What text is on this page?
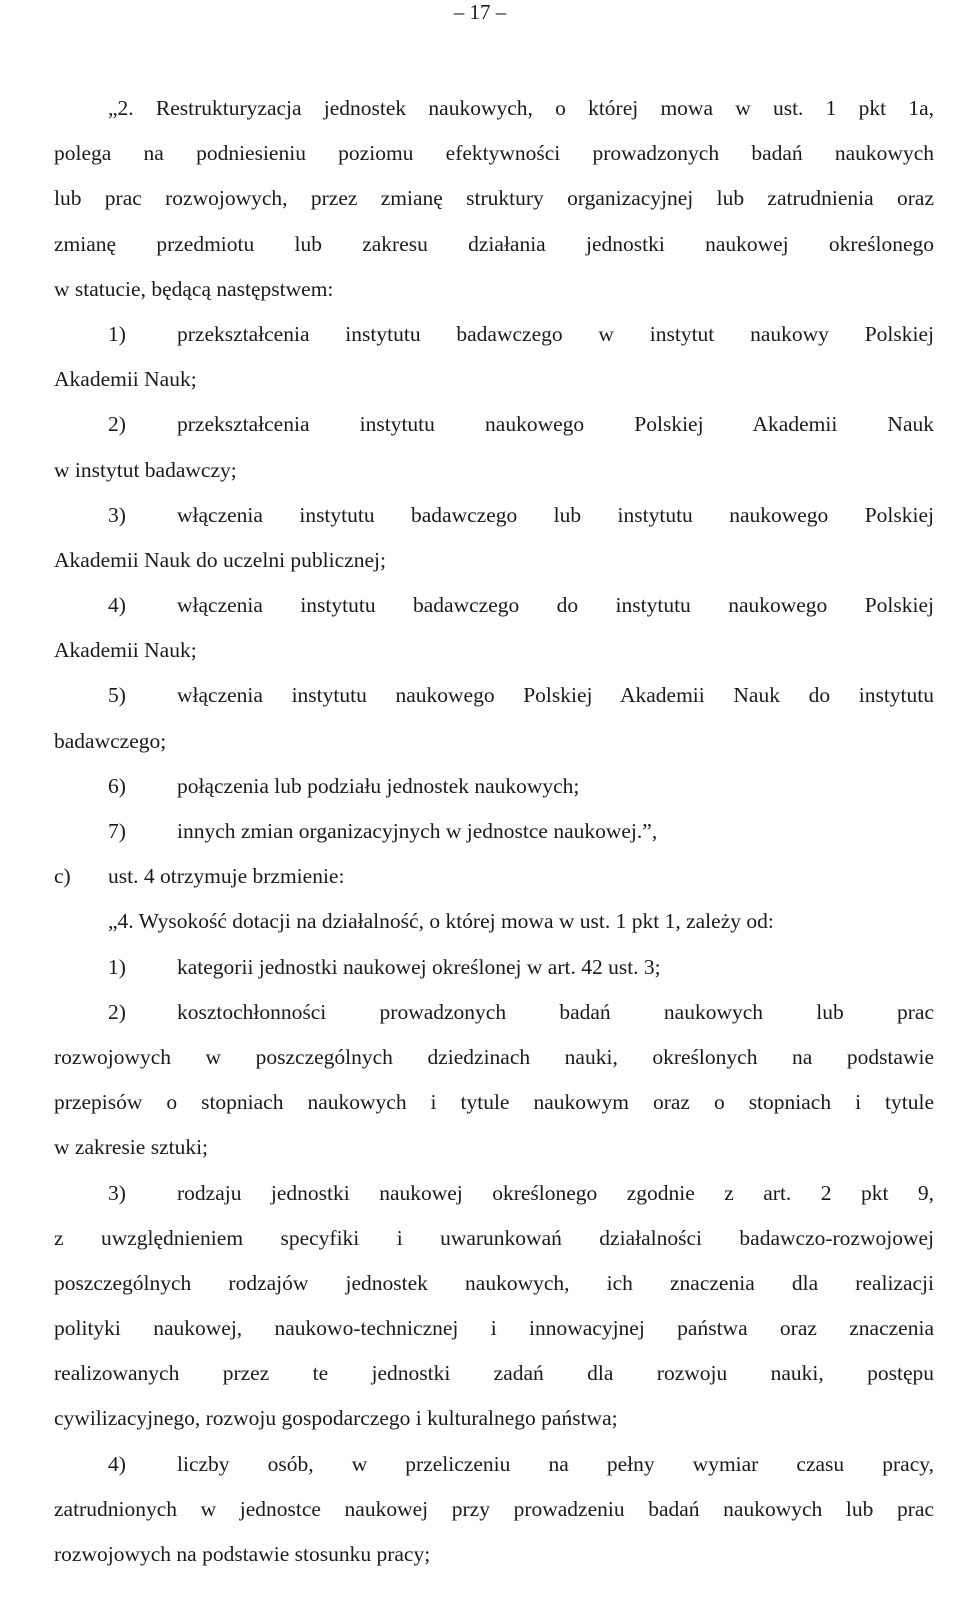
– 17 –
„2. Restrukturyzacja jednostek naukowych, o której mowa w ust. 1 pkt 1a,
polega na podniesieniu poziomu efektywności prowadzonych badań naukowych
lub prac rozwojowych, przez zmianę struktury organizacyjnej lub zatrudnienia oraz
zmianę przedmiotu lub zakresu działania jednostki naukowej określonego
w statucie, będącą następstwem:
1) przekształcenia instytutu badawczego w instytut naukowy Polskiej
Akademii Nauk;
2) przekształcenia instytutu naukowego Polskiej Akademii Nauk
w instytut badawczy;
3) włączenia instytutu badawczego lub instytutu naukowego Polskiej
Akademii Nauk do uczelni publicznej;
4) włączenia instytutu badawczego do instytutu naukowego Polskiej
Akademii Nauk;
5) włączenia instytutu naukowego Polskiej Akademii Nauk do instytutu
badawczego;
6) połączenia lub podziału jednostek naukowych;
7) innych zmian organizacyjnych w jednostce naukowej.”,
c) ust. 4 otrzymuje brzmienie:
„4. Wysokość dotacji na działalność, o której mowa w ust. 1 pkt 1, zależy od:
1) kategorii jednostki naukowej określonej w art. 42 ust. 3;
2) kosztochłonności prowadzonych badań naukowych lub prac
rozwojowych w poszczególnych dziedzinach nauki, określonych na podstawie
przepisów o stopniach naukowych i tytule naukowym oraz o stopniach i tytule
w zakresie sztuki;
3) rodzaju jednostki naukowej określonego zgodnie z art. 2 pkt 9,
z uwzględnieniem specyfiki i uwarunkowań działalności badawczo-rozwojowej
poszczególnych rodzajów jednostek naukowych, ich znaczenia dla realizacji
polityki naukowej, naukowo-technicznej i innowacyjnej państwa oraz znaczenia
realizowanych przez te jednostki zadań dla rozwoju nauki, postępu
cywilizacyjnego, rozwoju gospodarczego i kulturalnego państwa;
4) liczby osób, w przeliczeniu na pełny wymiar czasu pracy,
zatrudnionych w jednostce naukowej przy prowadzeniu badań naukowych lub prac
rozwojowych na podstawie stosunku pracy;
